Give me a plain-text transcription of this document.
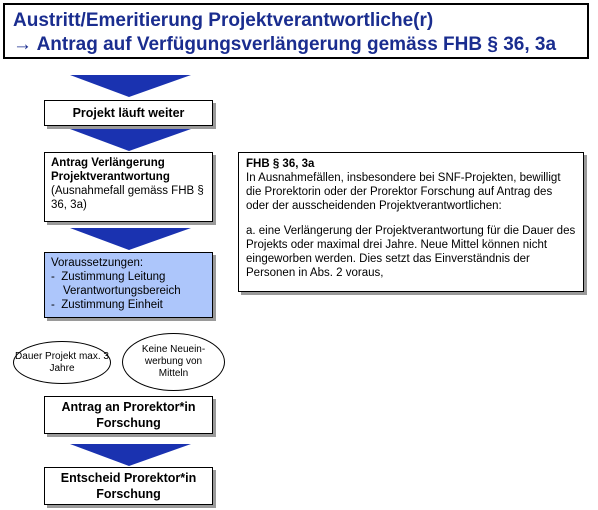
Austritt/Emeritierung Projektverantwortliche(r)
→ Antrag auf Verfügungsverlängerung gemäss FHB § 36, 3a
Projekt läuft weiter
Antrag Verlängerung Projektverantwortung
(Ausnahmefall gemäss FHB § 36, 3a)
Voraussetzungen:
-  Zustimmung Leitung Verantwortungsbereich
-  Zustimmung Einheit
Dauer Projekt max. 3 Jahre
Keine Neuein-werbung von Mitteln
Antrag an Prorektor*in Forschung
Entscheid Prorektor*in Forschung
FHB § 36, 3a
In Ausnahmefällen, insbesondere bei SNF-Projekten, bewilligt die Prorektorin oder der Prorektor Forschung auf Antrag des oder der ausscheidenden Projektverantwortlichen:
a. eine Verlängerung der Projektverantwortung für die Dauer des Projekts oder maximal drei Jahre. Neue Mittel können nicht eingeworben werden. Dies setzt das Einverständnis der Personen in Abs. 2 voraus,
